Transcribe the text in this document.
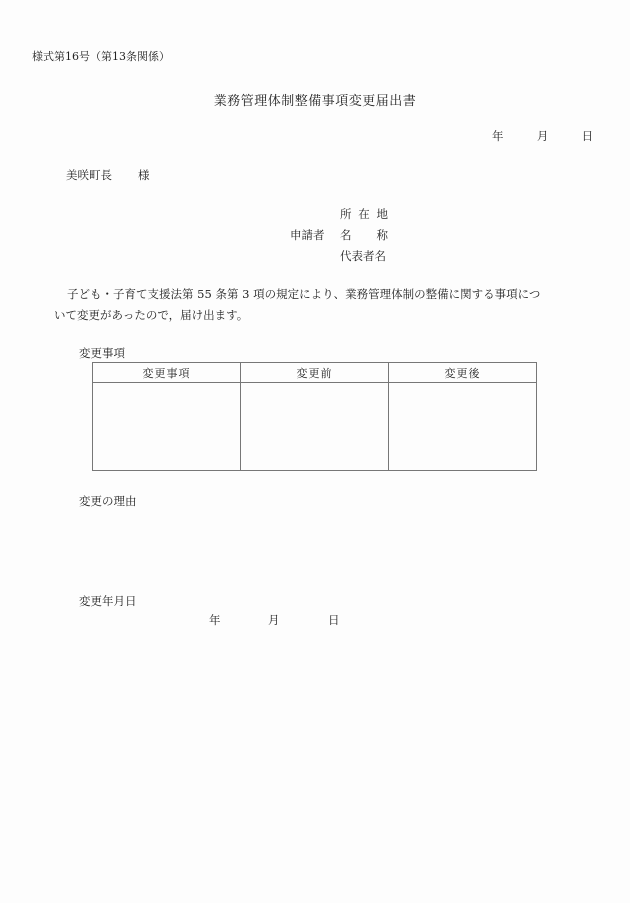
様式第16号（第13条関係）
業務管理体制整備事項変更届出書
年	月	日
美咲町長 様
所 在 地
申請者 名 称
代表者名

子ども・子育て支援法第 55 条第 3 項の規定により、業務管理体制の整備に関する事項につ

いて変更があったので，届け出ます。

変更事項
変更事項	変更前	変更後

変更の理由
変更年月日
年	月	日
